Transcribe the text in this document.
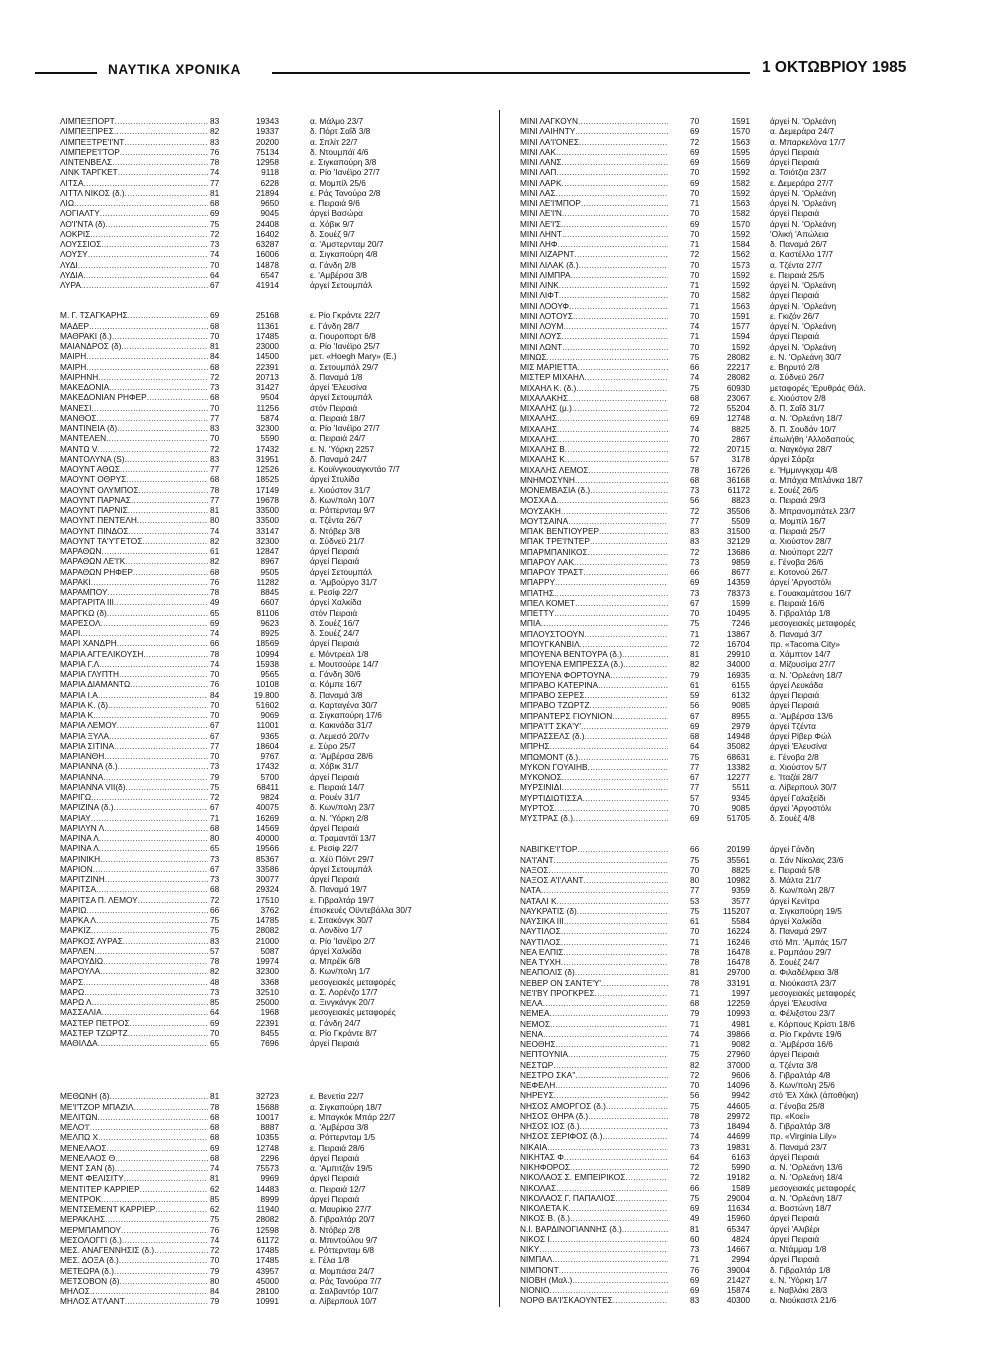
ΝΑΥΤΙΚΑ ΧΡΟΝΙΚΑ	1 ΟΚΤΩΒΡΙΟΥ 1985
ΛΙΜΠΕΞΠΟΡΤ .....	83	19343	α. Μάλμο 23/7
ΛΙΜΠΕΞΠΡΕΣ .....	82	19337	δ. Πόρτ Σαΐδ 3/8
ΛΙΜΠΕΞΤΡΕ'Ι'ΝΤ .....	83	20200	α. Σπλίτ 22/7
ΛΙΜΠΕΡΕ'Ι'ΤΟΡ .....	76	75134	δ. Ντουμπάϊ 4/6
ΛΙΝΤΕΝΒΕΛΣ .....	78	12958	ε. Σιγκαπούρη 3/8
ΛΙΝΚ ΤΑΡΓΚΕΤ .....	74	9118	α. Ρίο 'Ιανέϊρο 27/7
ΛΙΤΣΑ .....	77	6228	α. Μομπίλ 25/6
ΛΙΤΤΛ ΝΙΚΟΣ (δ.) .....	81	21894	ε. Ράς Τανούρα 2/8
ΛΙΩ .....	68	9650	ε. Πειραιά 9/6
ΛΟΓΙΑΛΤΥ .....	69	9045	άργεί Βασώρα
ΛΟ'Ι'ΝΤΑ (δ) .....	75	24408	α. Χόβικ 9/7
ΛΟΚΡΙΣ .....	72	16402	δ. Σουέζ 9/7
ΛΟΥΣΣΙΟΣ .....	73	63287	α. 'Αμστερνταμ 20/7
ΛΟΥΣΥ .....	74	16006	α. Σιγκαπούρη 4/8
ΛΥΔΙ .....	70	14878	α. Γάνδη 2/8
ΛΥΔΙΑ .....	64	6547	ε. 'Αμβέρσα 3/8
ΛΥΡΑ .....	67	41914	άργεί Σετουμπάλ
Μ. Γ. ΤΣΑΓΚΑΡΗΣ .....	69	25168	ε. Ρίο Γκράντε 22/7
ΜΑΔΕΡ .....	68	11361	ε. Γάνδη 28/7
ΜΑΘΡΑΚΙ (δ.) .....	70	17485	α. Γιουροπορτ 6/8
ΜΑΙΑΝΔΡΟΣ (δ) .....	81	23000	α. Ρίο 'Ιανέϊρο 25/7
ΜΑΙΡΗ .....	84	14500	μετ. «Hoegh Mary» (Ε.)
ΜΑΙΡΗ .....	68	22391	α. Σετουμπάλ 29/7
ΜΑΙΡΗΝΗ .....	72	20713	δ. Παναμά 1/8
ΜΑΚΕΔΟΝΙΑ .....	73	31427	άργεί 'Ελευσίνα
ΜΑΚΕΔΟΝΙΑΝ ΡΗΦΕΡ .....	68	9504	άργεί Σετουμπάλ
ΜΑΝΕΣΙ .....	70	11256	στόν Πειραιά
ΜΑΝΘΟΣ .....	77	5874	α. Πειραιά 18/7
ΜΑΝΤΙΝΕΙΑ (δ) .....	83	32300	α. Ρίο 'Ιανέϊρο 27/7
ΜΑΝΤΕΛΕΝ .....	70	5590	α. Πειραιά 24/7
ΜΑΝΤΩ V .....	72	17432	ε. Ν. 'Υόρκη 2257
ΜΑΝΤΟΛΥΝΑ (S) .....	83	31951	δ. Παναμά 24/7
ΜΑΟΥΝΤ ΑΘΩΣ .....	77	12526	ε. Κουϊνγκουαγκντάο 7/7
ΜΑΟΥΝΤ ΟΘΡΥΣ .....	68	18525	άργεί Στυλίδα
ΜΑΟΥΝΤ ΟΛΥΜΠΟΣ .....	78	17149	ε. Χιούστον 31/7
ΜΑΟΥΝΤ ΠΑΡΝΑΣ .....	77	19678	δ. Κων/πολη 10/7
ΜΑΟΥΝΤ ΠΑΡΝΙΣ .....	81	33500	α. Ρόττερνταμ 9/7
ΜΑΟΥΝΤ ΠΕΝΤΕΛΗ .....	80	33500	α. Τζέντα 26/7
ΜΑΟΥΝΤ ΠΙΝΔΟΣ .....	74	33147	δ. Ντόβερ 3/8
ΜΑΟΥΝΤ ΤΑ'Υ'ΓΕΤΟΣ .....	82	32300	α. Σύδνεϋ 21/7
ΜΑΡΑΘΩΝ .....	61	12847	άργεί Πειραιά
ΜΑΡΑΘΩΝ ΛΕ'Ι'Κ .....	82	8967	άργεί Πειραιά
ΜΑΡΑΘΩΝ ΡΗΦΕΡ .....	68	9505	άργεί Σετουμπάλ
ΜΑΡΑΚΙ .....	76	11282	α. 'Αμβούργο 31/7
ΜΑΡΑΜΠΟΥ .....	78	8845	ε. Ρεσίφ 22/7
ΜΑΡΓΑΡΙΤΑ ΙΙΙ .....	49	6607	άργεί Χαλκίδα
ΜΑΡΓΚΩ (δ) .....	65	81106	στόν Πειραιά
ΜΑΡΕΣΟΛ .....	69	9623	δ. Σουέζ 16/7
ΜΑΡΙ .....	74	8925	δ. Σουέζ 24/7
ΜΑΡΙ ΧΑΝΔΡΗ .....	66	18569	άργεί Πειραιά
ΜΑΡΙΑ ΑΓΓΕΛΙΚΟΥΣΗ .....	78	10994	ε. Μόντρεαλ 1/8
ΜΑΡΙΑ Γ.Λ .....	74	15938	ε. Μουτσούρε 14/7
ΜΑΡΙΑ ΓΛΥΠΤΗ .....	70	9565	α. Γάνδη 30/6
ΜΑΡΙΑ ΔΙΑΜΑΝΤΩ .....	76	10108	α. Κόμπε 16/7
ΜΑΡΙΑ Ι.Α .....	84	19.800	δ. Παναμά 3/8
ΜΑΡΙΑ Κ. (δ) .....	70	51602	α. Καρταγένα 30/7
ΜΑΡΙΑ Κ .....	70	9069	α. Σιγκαπούρη 17/6
ΜΑΡΙΑ ΛΕΜΟΥ .....	67	11001	α. Κακινάδα 31/7
ΜΑΡΙΑ ΞΥΛΑ .....	67	9365	α. Λεμεσό 20/7ν
ΜΑΡΙΑ ΣΙΤΙΝΑ .....	77	18604	ε. Σύρο 25/7
ΜΑΡΙΑΝΘΗ .....	70	9767	α. 'Αμβέρσα 28/6
ΜΑΡΙΑΝΝΑ (δ.) .....	73	17432	α. Χόβικ 31/7
ΜΑΡΙΑΝΝΑ .....	79	5700	άργεί Πειραιά
ΜΑΡΙΑΝΝΑ VII(δ) .....	75	68411	ε. Πειραιά 14/7
ΜΑΡΙΓΩ .....	72	9824	α. Ρουέν 31/7
ΜΑΡΙΖΙΝΑ (δ.) .....	67	40075	δ. Κων/πολη 23/7
ΜΑΡΙΑΥ .....	71	16269	α. Ν. 'Υόρκη 2/8
ΜΑΡΙΛΥΝ Λ .....	68	14569	άργεί Πειραιά
ΜΑΡΙΝΑ Λ .....	80	40000	α. Τραμαντάϊ 13/7
ΜΑΡΙΝΑ Λ .....	65	19566	ε. Ρεσίφ 22/7
ΜΑΡΙΝΙΚΗ .....	73	85367	α. Χέϋ Πόϊντ 29/7
ΜΑΡΙΟΝ .....	67	33586	άργεί Σετουμπάλ
ΜΑΡΙΤΖΙΝΗ .....	73	30077	άργεί Πειραιά
ΜΑΡΙΤΣΑ .....	68	29324	δ. Παναμά 19/7
ΜΑΡΙΤΣΑ Π. ΛΕΜΟΥ .....	72	17510	ε. Γιβραλτάρ 19/7
ΜΑΡΙΩ .....	66	3762	έπισκευές Οϋντεβάλλα 30/7
ΜΑΡΚΑ Λ .....	75	14785	ε. Σιτακόνγκ 30/7
ΜΑΡΚΙΖ .....	75	28082	α. Λονδίνο 1/7
ΜΑΡΚΟΣ ΛΥΡΑΣ .....	83	21000	α. Ρίο 'Ιανέϊρο 2/7
ΜΑΡΛΕΝ .....	57	5087	άργεί Χαλκίδα
ΜΑΡΟΥΔΙΩ .....	78	19974	α. Μπρέϊκ 6/8
ΜΑΡΟΥΛΑ .....	82	32300	δ. Κων/πολη 1/7
ΜΑΡΣ .....	48	3368	μεσογειακές μεταφορές
ΜΑΡΩ .....	73	32510	α. Σ. Λορένζο 17/7
ΜΑΡΩ Λ .....	85	25000	α. Ξινγκάνγκ 20/7
ΜΑΣΣΑΛΙΑ .....	64	1968	μεσογειακές μεταφορές
ΜΑΣΤΕΡ ΠΕΤΡΟΣ .....	69	22391	α. Γάνδη 24/7
ΜΑΣΤΕΡ ΤΖΩΡΤΖ .....	70	8455	α. Ρίο Γκράντε 8/7
ΜΑΘΙΛΔΑ .....	65	7696	άργεί Πειραιά
ΜΕΘΩΝΗ (δ) .....	81	32723	ε. Βενετία 22/7
ΜΕ'Ι'ΤΖΟΡ ΜΠΑΖΙΛ .....	78	15688	α. Σιγκαπούρη 18/7
ΜΕΛΙΤΩΝ .....	68	10017	ε. Μπαγκόκ Μπάρ 22/7
ΜΕΛΟ'Ι' .....	68	8887	α. 'Αμβέρσα 3/8
ΜΕΛΠΩ Χ .....	68	10355	α. Ρόττερνταμ 1/5
ΜΕΝΕΛΑΟΣ .....	69	12748	ε. Πειραιά 28/6
ΜΕΝΕΛΑΟΣ Θ .....	68	2296	άργεί Πειραιά
ΜΕΝΤ ΣΑΝ (δ) .....	74	75573	α. 'Αμπιτζάν 19/5
ΜΕΝΤ ΦΕΛΙΣΙΤΥ .....	81	9969	άργεί Πειραιά
ΜΕΝΤΙΤΕΡ ΚΑΡΡΙΕΡ .....	62	14483	α. Πειραιά 12/7
ΜΕΝΤΡΟΚ .....	85	8999	άργεί Πειραιά
ΜΕΝΤΣΕΜΕΝΤ ΚΑΡΡΙΕΡ .....	62	11940	α. Μαυρίκιο 27/7
ΜΕΡΑΚΛΗΣ .....	75	28082	δ. Γιβραλτάρ 20/7
ΜΕΡΜΠΑΜΠΟΥ .....	76	12598	δ. Ντόβερ 2/8
ΜΕΣΟΛΟΓΓΙ (δ.) .....	74	61172	α. Μπιντούλου 9/7
ΜΕΣ. ΑΝΑΓΕΝΝΗΣΙΣ (δ.) .....	72	17485	ε. Ρόττερνταμ 6/8
ΜΕΣ. ΔΟΞΑ (δ.) .....	70	17485	ε. Γέλα 1/8
ΜΕΤΕΩΡΑ (δ.) .....	79	43957	α. Μομπάσα 24/7
ΜΕΤΣΟΒΟΝ (δ) .....	80	45000	α. Ράς Τανούρα 7/7
ΜΗΛΟΣ .....	84	28100	α. Σαλβαντόρ 10/7
ΜΗΛΟΣ Α'Ι'ΛΑΝΤ .....	79	10991	α. Λίβερπουλ 10/7
ΜΙΝΙ ΛΑΓΚΟΥΝ .....	70	1591 άργεί Ν. 'Ορλεάνη
ΜΙΝΙ ΛΑΙΗΝΤΥ .....	69	1570 α. Δεμεράρα 24/7
ΜΙΝΙ ΛΑ'Ι'ΟΝΕΣ .....	72	1563 α. Μπαρκελόνα 17/7
ΜΙΝΙ ΛΑΚ .....	69	1595 άργεί Πειραιά
ΜΙΝΙ ΛΑΝΣ .....	69	1569 άργεί Πειραιά
ΜΙΝΙ ΛΑΠ .....	70	1592 α. Τσιότζια 23/7
ΜΙΝΙ ΛΑΡΚ .....	69	1582 ε. Δεμεράρα 27/7
ΜΙΝΙ ΛΑΣ .....	70	1592 άργεί Ν. 'Ορλεάνη
ΜΙΝΙ ΛΕ'Ι'ΜΠΟΡ .....	71	1563 άργεί Ν. 'Ορλεάνη
ΜΙΝΙ ΛΕ'Ι'Ν .....	70	1582 άργεί Πειραιά
ΜΙΝΙ ΛΕ'Ι'Σ .....	69	1570 άργεί Ν. 'Ορλεάνη
ΜΙΝΙ ΛΗΝΤ .....	70	1592 'Ολική 'Απώλεια
ΜΙΝΙ ΛΗΦ .....	71	1584 δ. Παναμά 26/7
ΜΙΝΙ ΛΙΖΑΡΝΤ .....	72	1562 α. Καστέλλο 17/7
ΜΙΝΙ ΛΙΛΑΚ (δ.) .....	70	1573 α. Τζέντα 27/7
ΜΙΝΙ ΛΙΜΠΡΑ .....	70	1592 ε. Πειραιά 25/5
ΜΙΝΙ ΛΙΝΚ .....	71	1592 άργεί Ν. 'Ορλεάνη
ΜΙΝΙ ΛΙΦΤ .....	70	1582 άργεί Πειραιά
ΜΙΝΙ ΛΟΟΥΦ .....	71	1563 άργεί Ν. 'Ορλεάνη
ΜΙΝΙ ΛΟΤΟΥΣ .....	70	1591 ε. Γκιζόν 26/7
ΜΙΝΙ ΛΟΥΜ .....	74	1577 άργεί Ν. 'Ορλεάνη
ΜΙΝΙ ΛΟΥΣ .....	71	1594 άργεί Πειραιά
ΜΙΝΙ ΛΩΝΤ .....	70	1592 άργεί Ν. 'Ορλεάνη
ΜΙΝΩΣ .....	75	28082 ε. Ν. 'Ορλεάνη 30/7
ΜΙΣ ΜΑΡΙΕΤΤΑ .....	66	22217 ε. Βηρυτό 2/8
ΜΙΣΤΕΡ ΜΙΧΑΗΛ .....	74	28082 α. Σύδνεϋ 26/7
ΜΙΧΑΗΛ Κ. (δ.) .....	75	60930 μεταφορές 'Ερυθράς Θάλ.
ΜΙΧΑΛΑΚΗΣ .....	68	23067 ε. Χιούστον 2/8
ΜΙΧΑΛΗΣ (μ.) .....	72	55204 δ. Π. Σαΐδ 31/7
ΜΙΧΑΛΗΣ .....	69	12748 α. Ν. 'Ορλεάνη 18/7
ΜΙΧΑΛΗΣ .....	74	8825 δ. Π. Σουδάν 10/7
ΜΙΧΑΛΗΣ .....	70	2867 έπωλήθη 'Αλλοδαπούς
ΜΙΧΑΛΗΣ Β .....	72	20715 α. Ναγκόγια 28/7
ΜΙΧΑΛΗΣ Κ .....	57	3178 άργεί Σάρζα
ΜΙΧΑΛΗΣ ΛΕΜΟΣ .....	78	16726 ε. 'Ημμινγκχαμ 4/8
ΜΝΗΜΟΣΥΝΗ .....	68	36168 α. Μπάχια Μπλάνκα 18/7
ΜΟΝΕΜΒΑΣΙΑ (δ.) .....	73	61172 ε. Σουέζ 26/5
ΜΟΣΧΑ Δ .....	56	8823 α. Πειραιά 29/3
ΜΟΥΣΑΚΗ .....	72	35506 δ. Μπρανσμπάτελ 23/7
ΜΟΥΤΣΑΙΝΑ .....	77	5509 α. Μομπίλ 16/7
ΜΠΑΚ ΒΕΝΤΙΟΥΡΕΡ .....	83	31500 α. Πειραιά 25/7
ΜΠΑΚ ΤΡΕ'Ι'ΝΤΕΡ .....	83	32129 α. Χιούστον 28/7
ΜΠΑΡΜΠΑΝΙΚΟΣ .....	72	13686 α. Νιούπορτ 22/7
ΜΠΑΡΟΥ ΛΑΚ .....	73	9859 ε. Γένοβα 26/6
ΜΠΑΡΟΥ ΤΡΑΣΤ .....	66	8677 ε. Κοτονού 26/7
ΜΠΑΡΡΥ .....	69	14359 άργεί 'Αργοστόλι
ΜΠΑΤΗΣ .....	73	78373 ε. Γουακαμάτσου 16/7
ΜΠΕΛ ΚΟΜΕΤ .....	67	1599 ε. Πειραιά 16/6
ΜΠΕΤΤΥ .....	70	10495 δ. Γιβραλτάρ 1/8
ΜΠΙΑ .....	75	7246 μεσογειακές μεταφορές
ΜΠΛΟΥΣΤΟΟΥΝ .....	71	13867 δ. Παναμά 3/7
ΜΠΟΥΓΚΑΝΒΙΛ .....	72	16704 πρ. «Tacoma City»
ΜΠΟΥΕΝΑ ΒΕΝΤΟΥΡΑ (δ.) .....	81	29910 α. Χάμπτον 14/7
ΜΠΟΥΕΝΑ ΕΜΠΡΕΣΣΑ (δ.) .....	82	34000 α. Μίζουσίμα 27/7
ΜΠΟΥΕΝΑ ΦΟΡΤΟΥΝΑ .....	79	16935 α. Ν. 'Ορλεάνη 18/7
ΜΠΡΑΒΟ ΚΑΤΕΡΙΝΑ .....	61	6155 άργεί Λευκάδα
ΜΠΡΑΒΟ ΣΕΡΕΣ .....	59	6132 άργεί Πειραιά
ΜΠΡΑΒΟ ΤΖΩΡΤΖ .....	56	9085 άργεί Πειραιά
ΜΠΡΑΝΤΕΡΣ ΓΙΟΥΝΙΟΝ .....	67	8955 α. 'Αμβέρσα 13/6
ΜΠΡΑ'Ι'Τ ΣΚΑ'Υ' .....	69	2979 άργεί Τζέντα
ΜΠΡΑΣΣΕΛΣ (δ.) .....	68	14948 άργεί Ρίβερ Φώλ
ΜΠΡΗΣ .....	64	35082 άργεί 'Ελευσίνα
ΜΠΩΜΟΝΤ (δ.) .....	75	68631 ε. Γένοβα 2/8
ΜΥΚΟΝ ΓΟΥΑΙΗΒ .....	77	13382 α. Χιούστον 5/7
ΜΥΚΟΝΟΣ .....	67	12277 ε. 'Ιταζάϊ 28/7
ΜΥΡΣΙΝΙΔΙ .....	77	5511 α. Λίβερπουλ 30/7
ΜΥΡΤΙΔΙΩΤΙΣΣΑ .....	57	9345 άργεί Γαλαξείδι
ΜΥΡΤΟΣ .....	70	9085 άργεί 'Αργοστόλι
ΜΥΣΤΡΑΣ (δ.) .....	69	51705 δ. Σουέζ 4/8
ΝΑΒΙΓΚΕ'Ι'ΤΟΡ .....	66	20199 άργεί Γάνδη
ΝΑ'Ι'ΑΝΤ .....	75	35561 α. Σάν Νίκολας 23/6
ΝΑΞΟΣ .....	70	8825 ε. Πειραιά 5/8
ΝΑΞΟΣ Α'Ι'ΛΑΝΤ .....	80	10982 δ. Μάλτα 21/7
ΝΑΤΑ .....	77	9359 δ. Κων/πολη 28/7
ΝΑΤΑΛΙ Κ .....	53	3577 άργεί Κενίτρα
ΝΑΥΚΡΑΤΙΣ (δ) .....	75	115207 α. Σιγκαπούρη 19/5
ΝΑΥΣΙΚΑ ΙΙΙ .....	61	5584 άργεί Χαλκίδα
ΝΑΥΤΙΛΟΣ .....	70	16224 δ. Παναμά 29/7
ΝΑΥΤΙΛΟΣ .....	71	16246 στό Μπ. 'Αμπάς 15/7
ΝΕΑ ΕΛΠΙΣ .....	78	16478 ε. Ραμπάου 29/7
ΝΕΑ ΤΥΧΗ .....	78	16478 δ. Σουέζ 24/7
ΝΕΑΠΟΛΙΣ (δ) .....	81	29700 α. Φιλαδέλφεια 3/8
ΝΕΒΕΡ ΟΝ ΣΑΝΤΕ'Υ' .....	78	33191 α. Νιούκαστλ 23/7
ΝΕ'Ι'ΒΥ ΠΡΟΓΚΡΕΣ .....	71	1997 μεσογειακές μεταφορές
ΝΕΛΑ .....	68	12259 άργεί 'Ελευσίνα
ΝΕΜΕΑ .....	79	10993 α. Φέλιξστου 23/7
ΝΕΜΟΣ .....	71	4981 ε. Κόρπους Κρίστι 18/6
ΝΕΝΑ .....	74	39866 α. Ρίο Γκράντε 19/6
ΝΕΟΘΗΣ .....	71	9082 α. 'Αμβέρσα 16/6
ΝΕΠΤΟΥΝΙΑ .....	75	27960 άργεί Πειραιά
ΝΕΣΤΩΡ .....	82	37000 α. Τζέντα 3/8
ΝΕΣΤΡΟ ΣΚΑ'' .....	72	9606 δ. Γιβραλτάρ 4/8
ΝΕΦΕΛΗ .....	70	14096 δ. Κων/πολη 25/6
ΝΗΡΕΥΣ .....	56	9942 στό 'Ελ Χάκλ (άποθήκη)
ΝΗΣΟΣ ΑΜΟΡΓΟΣ (δ.) .....	75	44605 α. Γένοβα 25/8
ΝΗΣΟΣ ΘΗΡΑ (δ.) .....	78	29972 πρ. «Κοεί»
ΝΗΣΟΣ ΙΟΣ (δ.) .....	73	18494 δ. Γιβραλτάρ 3/8
ΝΗΣΟΣ ΣΕΡΙΦΟΣ (δ.) .....	74	44699 πρ. «Virginia Lily»
ΝΙΚΑΙΑ .....	73	19831 δ. Παναμά 23/7
ΝΙΚΗΤΑΣ Φ .....	64	6163 άργεί Πειραιά
ΝΙΚΗΦΟΡΟΣ .....	72	5990 α. Ν. 'Ορλεάνη 13/6
ΝΙΚΟΛΑΟΣ Σ. ΕΜΠΕΙΡΙΚΟΣ .....	72	19182 α. Ν. 'Ορλεάνη 18/4
ΝΙΚΟΛΑΣ .....	66	1589 μεσογειακές μεταφορές
ΝΙΚΟΛΑΟΣ Γ. ΠΑΠΑΛΙΟΣ .....	75	29004 α. Ν. 'Ορλεάνη 18/7
ΝΙΚΟΛΕΤΑ Κ .....	69	11634 α. Βοστώνη 18/7
ΝΙΚΟΣ Β. (δ.) .....	49	15960 άργεί Πειραιά
Ν.Ι. ΒΑΡΔΙΝΟΓΙΑΝΝΗΣ (δ.) .....	81	65347 άργεί 'Αλιβέρι
ΝΙΚΟΣ Ι .....	60	4824 άργεί Πειραιά
ΝΙΚΥ .....	73	14667 α. Ντάμμαμ 1/8
ΝΙΜΠΑΛ .....	71	2994 άργεί Πειραιά
ΝΙΜΠΟΝΤ .....	76	39004 δ. Γιβραλτάρ 1/8
ΝΙΟΒΗ (Μαλ.) .....	69	21427 ε. Ν. 'Υόρκη 1/7
ΝΙΟΝΙΟ .....	69	15874 ε. Ναβλάκι 28/3
ΝΟΡΘ ΒΑ'Ι'ΣΚΑΟΥΝΤΕΣ .....	83	40300 α. Νιούκαστλ 21/6
